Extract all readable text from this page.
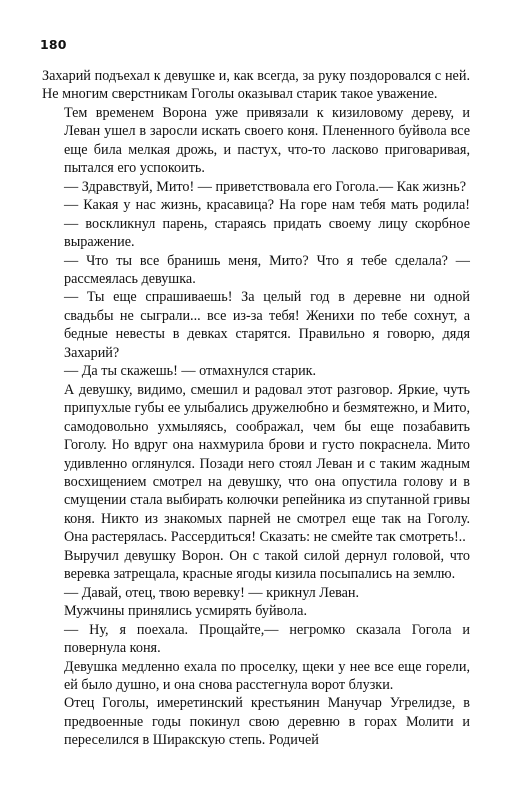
180

Захарий подъехал к девушке и, как всегда, за руку поздоровался с ней. Не многим сверстникам Гоголы оказывал старик такое уважение.

Тем временем Ворона уже привязали к кизиловому дереву, и Леван ушел в заросли искать своего коня. Плененного буйвола все еще била мелкая дрожь, и пастух, что-то ласково приговаривая, пытался его успокоить.

— Здравствуй, Мито! — приветствовала его Гогола.— Как жизнь?

— Какая у нас жизнь, красавица? На горе нам тебя мать родила! — воскликнул парень, стараясь придать своему лицу скорбное выражение.

— Что ты все бранишь меня, Мито? Что я тебе сделала? — рассмеялась девушка.

— Ты еще спрашиваешь! За целый год в деревне ни одной свадьбы не сыграли... все из-за тебя! Женихи по тебе сохнут, а бедные невесты в девках старятся. Правильно я говорю, дядя Захарий?

— Да ты скажешь! — отмахнулся старик.

А девушку, видимо, смешил и радовал этот разговор. Яркие, чуть припухлые губы ее улыбались дружелюбно и безмятежно, и Мито, самодовольно ухмыляясь, соображал, чем бы еще позабавить Гоголу. Но вдруг она нахмурила брови и густо покраснела. Мито удивленно оглянулся. Позади него стоял Леван и с таким жадным восхищением смотрел на девушку, что она опустила голову и в смущении стала выбирать колючки репейника из спутанной гривы коня. Никто из знакомых парней не смотрел еще так на Гоголу. Она растерялась. Рассердиться! Сказать: не смейте так смотреть!..

Выручил девушку Ворон. Он с такой силой дернул головой, что веревка затрещала, красные ягоды кизила посыпались на землю.

— Давай, отец, твою веревку! — крикнул Леван.

Мужчины принялись усмирять буйвола.

— Ну, я поехала. Прощайте,— негромко сказала Гогола и повернула коня.

Девушка медленно ехала по проселку, щеки у нее все еще горели, ей было душно, и она снова расстегнула ворот блузки.

Отец Гоголы, имеретинский крестьянин Манучар Угрелидзе, в предвоенные годы покинул свою деревню в горах Молити и переселился в Ширакскую степь. Родичей
